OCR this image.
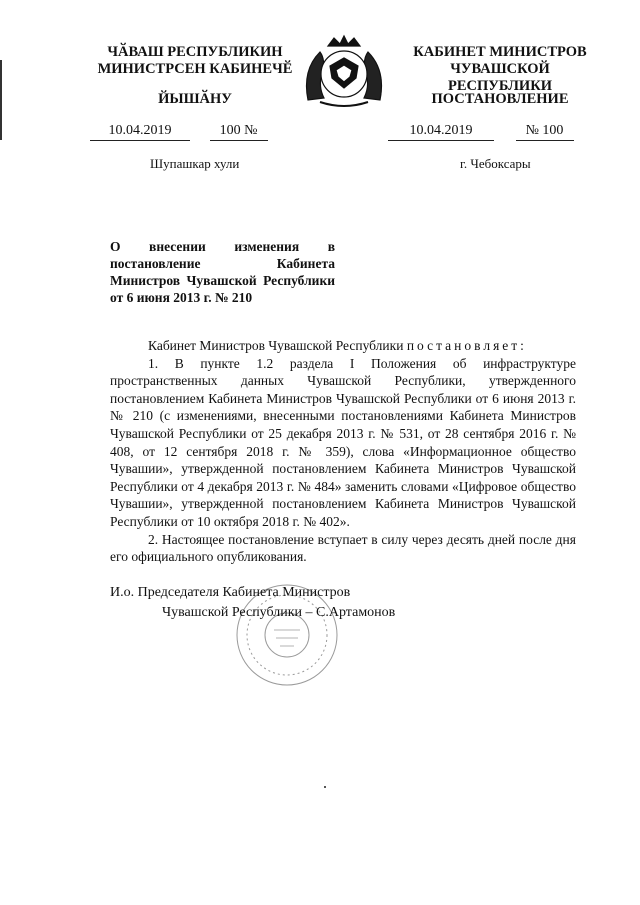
ЧӐВАШ РЕСПУБЛИКИН
МИНИСТРСЕН КАБИНЕЧӖ
ЙЫШӐНУ
КАБИНЕТ МИНИСТРОВ
ЧУВАШСКОЙ РЕСПУБЛИКИ
ПОСТАНОВЛЕНИЕ
10.04.2019	100 №	10.04.2019	№ 100
Шупашкар хули	г. Чебоксары
О внесении изменения в постановление Кабинета Министров Чувашской Республики от 6 июня 2013 г. № 210

Кабинет Министров Чувашской Республики постановляет:

1. В пункте 1.2 раздела I Положения об инфраструктуре пространственных данных Чувашской Республики, утвержденного постановлением Кабинета Министров Чувашской Республики от 6 июня 2013 г. № 210 (с изменениями, внесенными постановлениями Кабинета Министров Чувашской Республики от 25 декабря 2013 г. № 531, от 28 сентября 2016 г. № 408, от 12 сентября 2018 г. № 359), слова «Информационное общество Чувашии», утвержденной постановлением Кабинета Министров Чувашской Республики от 4 декабря 2013 г. № 484» заменить словами «Цифровое общество Чувашии», утвержденной постановлением Кабинета Министров Чувашской Республики от 10 октября 2018 г. № 402».

2. Настоящее постановление вступает в силу через десять дней после дня его официального опубликования.

И.о. Председателя Кабинета Министров
Чувашской Республики – С.Артамонов
